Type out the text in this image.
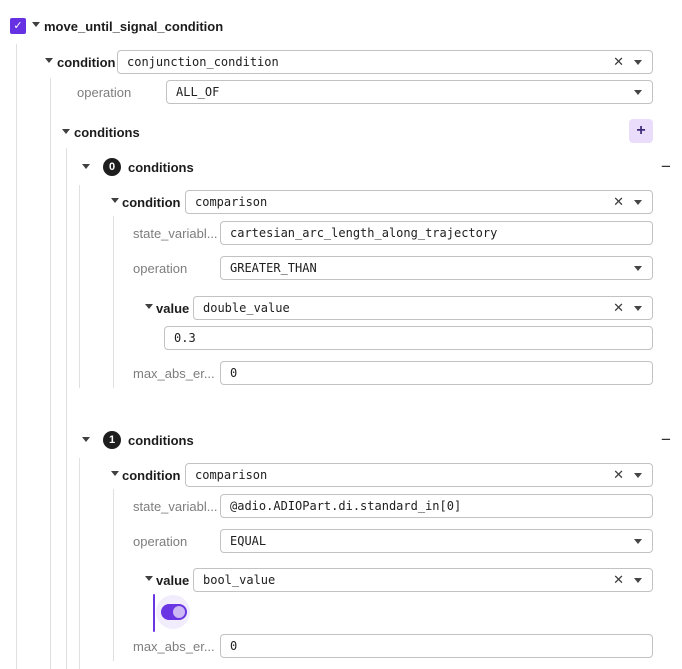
✓ move_until_signal_condition
condition
conjunction_condition	✕
operation
ALL_OF
conditions	+
0 conditions	−
condition
comparison	✕
state_variabl...
cartesian_arc_length_along_trajectory
operation
GREATER_THAN
value
double_value	✕
0.3
max_abs_er...
0
1 conditions	−
condition
comparison	✕
state_variabl...
@adio.ADIOPart.di.standard_in[0]
operation
EQUAL
value
bool_value	✕
max_abs_er...
0
